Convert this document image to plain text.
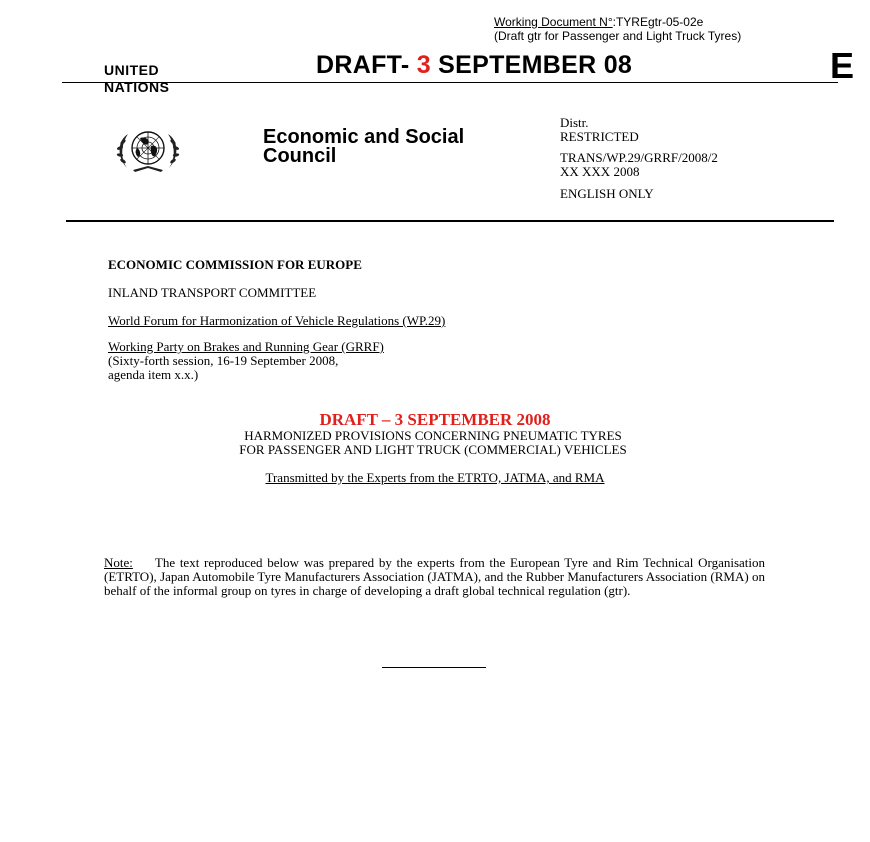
Working Document N°:TYREgtr-05-02e
(Draft gtr for Passenger and Light Truck Tyres)
UNITED
NATIONS
DRAFT- 3 SEPTEMBER 08	E
Economic and Social
Council
Distr.
RESTRICTED
TRANS/WP.29/GRRF/2008/2
XX XXX 2008
ENGLISH ONLY
ECONOMIC COMMISSION FOR EUROPE
INLAND TRANSPORT COMMITTEE
World Forum for Harmonization of Vehicle Regulations (WP.29)
Working Party on Brakes and Running Gear (GRRF)
(Sixty-forth session, 16-19 September 2008,
agenda item x.x.)
DRAFT – 3 SEPTEMBER 2008
HARMONIZED PROVISIONS CONCERNING PNEUMATIC TYRES
FOR PASSENGER AND LIGHT TRUCK (COMMERCIAL) VEHICLES
Transmitted by the Experts from the ETRTO, JATMA, and RMA
Note: The text reproduced below was prepared by the experts from the European Tyre and Rim Technical Organisation (ETRTO), Japan Automobile Tyre Manufacturers Association (JATMA), and the Rubber Manufacturers Association (RMA) on behalf of the informal group on tyres in charge of developing a draft global technical regulation (gtr).
